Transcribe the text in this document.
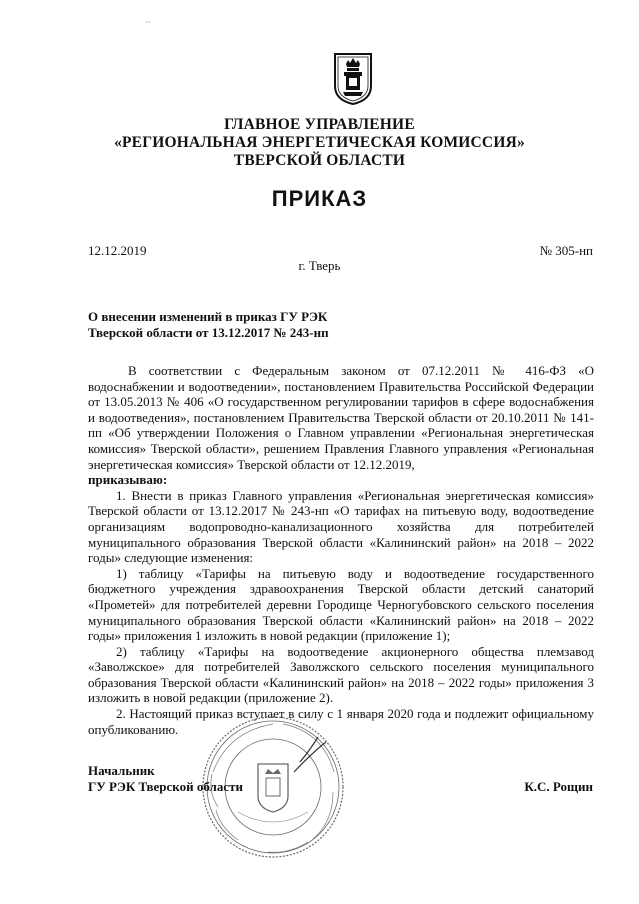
··
ГЛАВНОЕ УПРАВЛЕНИЕ
«РЕГИОНАЛЬНАЯ ЭНЕРГЕТИЧЕСКАЯ КОМИССИЯ»
ТВЕРСКОЙ ОБЛАСТИ
ПРИКАЗ
12.12.2019	№ 305-нп
г. Тверь
О внесении изменений в приказ ГУ РЭК
Тверской области от 13.12.2017 № 243-нп

В соответствии с Федеральным законом от 07.12.2011 № 416-ФЗ «О водоснабжении и водоотведении», постановлением Правительства Российской Федерации от 13.05.2013 № 406 «О государственном регулировании тарифов в сфере водоснабжения и водоотведения», постановлением Правительства Тверской области от 20.10.2011 № 141-пп «Об утверждении Положения о Главном управлении «Региональная энергетическая комиссия» Тверской области», решением Правления Главного управления «Региональная энергетическая комиссия» Тверской области от 12.12.2019,

приказываю:

1. Внести в приказ Главного управления «Региональная энергетическая комиссия» Тверской области от 13.12.2017 № 243-нп «О тарифах на питьевую воду, водоотведение организациям водопроводно-канализационного хозяйства для потребителей муниципального образования Тверской области «Калининский район» на 2018 – 2022 годы» следующие изменения:

1) таблицу «Тарифы на питьевую воду и водоотведение государственного бюджетного учреждения здравоохранения Тверской области детский санаторий «Прометей» для потребителей деревни Городище Черногубовского сельского поселения муниципального образования Тверской области «Калининский район» на 2018 – 2022 годы» приложения 1 изложить в новой редакции (приложение 1);

2) таблицу «Тарифы на водоотведение акционерного общества племзавод «Заволжское» для потребителей Заволжского сельского поселения муниципального образования Тверской области «Калининский район» на 2018 – 2022 годы» приложения 3 изложить в новой редакции (приложение 2).

2. Настоящий приказ вступает в силу с 1 января 2020 года и подлежит официальному опубликованию.

Начальник
ГУ РЭК Тверской области	К.С. Рощин
